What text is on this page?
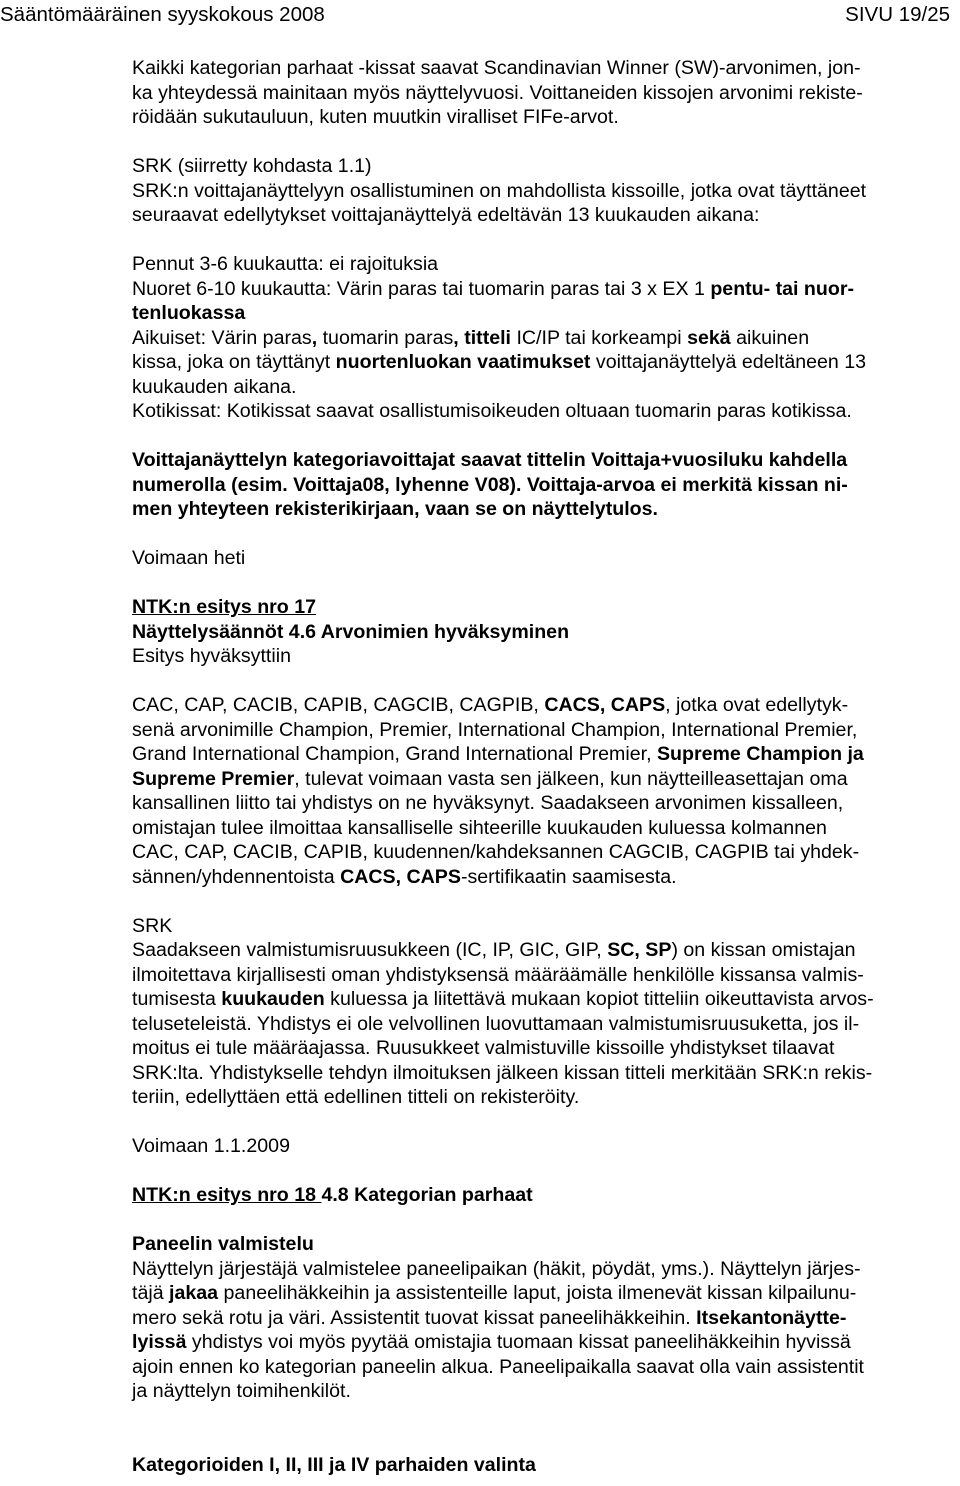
Sääntömääräinen syyskokous 2008	SIVU 19/25
Kaikki kategorian parhaat -kissat saavat Scandinavian Winner (SW)-arvonimen, jon-
ka yhteydessä mainitaan myös näyttelyvuosi. Voittaneiden kissojen arvonimi rekiste-
röidään sukutauluun, kuten muutkin viralliset FIFe-arvot.
SRK (siirretty kohdasta 1.1)
SRK:n voittajanäyttelyyn osallistuminen on mahdollista kissoille, jotka ovat täyttäneet
seuraavat edellytykset voittajanäyttelyä edeltävän 13 kuukauden aikana:
Pennut 3-6 kuukautta: ei rajoituksia
Nuoret 6-10 kuukautta: Värin paras tai tuomarin paras tai 3 x EX 1 pentu- tai nuor-
tenluokassa
Aikuiset: Värin paras, tuomarin paras, titteli IC/IP tai korkeampi sekä aikuinen
kissa, joka on täyttänyt nuortenluokan vaatimukset voittajanäyttelyä edeltäneen 13
kuukauden aikana.
Kotikissat: Kotikissat saavat osallistumisoikeuden oltuaan tuomarin paras kotikissa.
Voittajanäyttelyn kategoriavoittajat saavat tittelin Voittaja+vuosiluku kahdella
numerolla (esim. Voittaja08, lyhenne V08). Voittaja-arvoa ei merkitä kissan ni-
men yhteyteen rekisterikirjaan, vaan se on näyttelytulos.
Voimaan heti
NTK:n esitys nro 17
Näyttelysäännöt 4.6 Arvonimien hyväksyminen
Esitys hyväksyttiin
CAC, CAP, CACIB, CAPIB, CAGCIB, CAGPIB, CACS, CAPS, jotka ovat edellytyk-
senä arvonimille Champion, Premier, International Champion, International Premier,
Grand International Champion, Grand International Premier, Supreme Champion ja
Supreme Premier, tulevat voimaan vasta sen jälkeen, kun näytteilleasettajan oma
kansallinen liitto tai yhdistys on ne hyväksynyt. Saadakseen arvonimen kissalleen,
omistajan tulee ilmoittaa kansalliselle sihteerille kuukauden kuluessa kolmannen
CAC, CAP, CACIB, CAPIB, kuudennen/kahdeksannen CAGCIB, CAGPIB tai yhdek-
sännen/yhdennentoista CACS, CAPS-sertifikaatin saamisesta.
SRK
Saadakseen valmistumisruusukkeen (IC, IP, GIC, GIP, SC, SP) on kissan omistajan
ilmoitettava kirjallisesti oman yhdistyksensä määräämälle henkilölle kissansa valmis-
tumisesta kuukauden kuluessa ja liitettävä mukaan kopiot titteliin oikeuttavista arvos-
teluseteleistä. Yhdistys ei ole velvollinen luovuttamaan valmistumisruusuketta, jos il-
moitus ei tule määräajassa. Ruusukkeet valmistuville kissoille yhdistykset tilaavat
SRK:lta. Yhdistykselle tehdyn ilmoituksen jälkeen kissan titteli merkitään SRK:n rekis-
teriin, edellyttäen että edellinen titteli on rekisteröity.
Voimaan 1.1.2009
NTK:n esitys nro 18 4.8 Kategorian parhaat
Paneelin valmistelu
Näyttelyn järjestäjä valmistelee paneelipaikan (häkit, pöydät, yms.). Näyttelyn järjes-
täjä jakaa paneelihäkkeihin ja assistenteille laput, joista ilmenevät kissan kilpailunu-
mero sekä rotu ja väri. Assistentit tuovat kissat paneelihäkkeihin. Itsekantonäytte-
lyissä yhdistys voi myös pyytää omistajia tuomaan kissat paneelihäkkeihin hyvissä
ajoin ennen ko kategorian paneelin alkua. Paneelipaikalla saavat olla vain assistentit
ja näyttelyn toimihenkilöt.
Kategorioiden I, II, III ja IV parhaiden valinta
